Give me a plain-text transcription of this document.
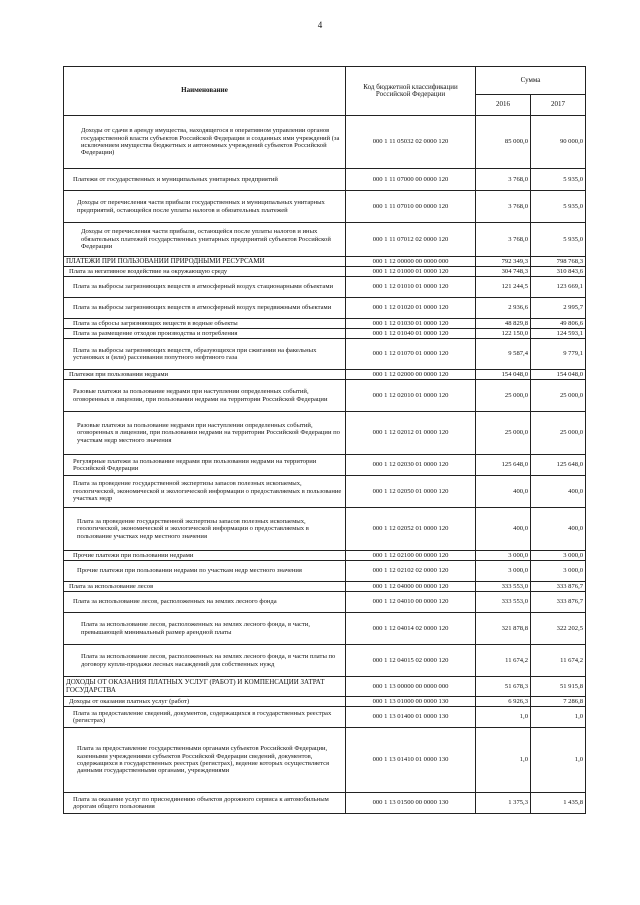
4
Наименование	Код бюджетной классификации Российской Федерации	Сумма	
		2016	2017
Доходы от сдачи в аренду имущества, находящегося в оперативном управлении органов государственной власти субъектов Российской Федерации и созданных ими учреждений (за исключением имущества бюджетных и автономных учреждений субъектов Российской Федерации)	000 1 11 05032 02 0000 120	85 000,0	90 000,0
Платежи от государственных и муниципальных унитарных предприятий	000 1 11 07000 00 0000 120	3 768,0	5 935,0
Доходы от перечисления части прибыли государственных и муниципальных унитарных предприятий, остающейся после уплаты налогов и обязательных платежей	000 1 11 07010 00 0000 120	3 768,0	5 935,0
Доходы от перечисления части прибыли, остающейся после уплаты налогов и иных обязательных платежей государственных унитарных предприятий субъектов Российской Федерации	000 1 11 07012 02 0000 120	3 768,0	5 935,0
ПЛАТЕЖИ ПРИ ПОЛЬЗОВАНИИ ПРИРОДНЫМИ РЕСУРСАМИ	000 1 12 00000 00 0000 000	792 349,3	798 768,3
Плата за негативное воздействие на окружающую среду	000 1 12 01000 01 0000 120	304 748,3	310 843,6
Плата за выбросы загрязняющих веществ в атмосферный воздух стационарными объектами	000 1 12 01010 01 0000 120	121 244,5	123 669,1
Плата за выбросы загрязняющих веществ в атмосферный воздух передвижными объектами	000 1 12 01020 01 0000 120	2 936,6	2 995,7
Плата за сбросы загрязняющих веществ в водные объекты	000 1 12 01030 01 0000 120	48 829,8	49 806,6
Плата за размещение отходов производства и потребления	000 1 12 01040 01 0000 120	122 150,0	124 593,1
Плата за выбросы загрязняющих веществ, образующихся при сжигании на факельных установках и (или) рассеивании попутного нефтяного газа	000 1 12 01070 01 0000 120	9 587,4	9 779,1
Платежи при пользовании недрами	000 1 12 02000 00 0000 120	154 048,0	154 048,0
Разовые платежи за пользование недрами при наступлении определенных событий, оговоренных в лицензии, при пользовании недрами на территории Российской Федерации	000 1 12 02010 01 0000 120	25 000,0	25 000,0
Разовые платежи за пользование недрами при наступлении определенных событий, оговоренных в лицензии, при пользовании недрами на территории Российской Федерации по участкам недр местного значения	000 1 12 02012 01 0000 120	25 000,0	25 000,0
Регулярные платежи за пользование недрами при пользовании недрами на территории Российской Федерации	000 1 12 02030 01 0000 120	125 648,0	125 648,0
Плата за проведение государственной экспертизы запасов полезных ископаемых, геологической, экономической и экологической информации о предоставляемых в пользование участках недр	000 1 12 02050 01 0000 120	400,0	400,0
Плата за проведение государственной экспертизы запасов полезных ископаемых, геологической, экономической и экологической информации о предоставляемых в пользование участках недр местного значения	000 1 12 02052 01 0000 120	400,0	400,0
Прочие платежи при пользовании недрами	000 1 12 02100 00 0000 120	3 000,0	3 000,0
Прочие платежи при пользовании недрами по участкам недр местного значения	000 1 12 02102 02 0000 120	3 000,0	3 000,0
Плата за использование лесов	000 1 12 04000 00 0000 120	333 553,0	333 876,7
Плата за использование лесов, расположенных на землях лесного фонда	000 1 12 04010 00 0000 120	333 553,0	333 876,7
Плата за использование лесов, расположенных на землях лесного фонда, в части, превышающей минимальный размер арендной платы	000 1 12 04014 02 0000 120	321 878,8	322 202,5
Плата за использование лесов, расположенных на землях лесного фонда, в части платы по договору купли-продажи лесных насаждений для собственных нужд	000 1 12 04015 02 0000 120	11 674,2	11 674,2
ДОХОДЫ ОТ ОКАЗАНИЯ ПЛАТНЫХ УСЛУГ (РАБОТ) И КОМПЕНСАЦИИ ЗАТРАТ ГОСУДАРСТВА	000 1 13 00000 00 0000 000	51 678,3	51 915,8
Доходы от оказания платных услуг (работ)	000 1 13 01000 00 0000 130	6 926,3	7 286,8
Плата за предоставление сведений, документов, содержащихся в государственных реестрах (регистрах)	000 1 13 01400 01 0000 130	1,0	1,0
Плата за предоставление государственными органами субъектов Российской Федерации, казенными учреждениями субъектов Российской Федерации сведений, документов, содержащихся в государственных реестрах (регистрах), ведение которых осуществляется данными государственными органами, учреждениями	000 1 13 01410 01 0000 130	1,0	1,0
Плата за оказание услуг по присоединению объектов дорожного сервиса к автомобильным дорогам общего пользования	000 1 13 01500 00 0000 130	1 375,3	1 435,8
